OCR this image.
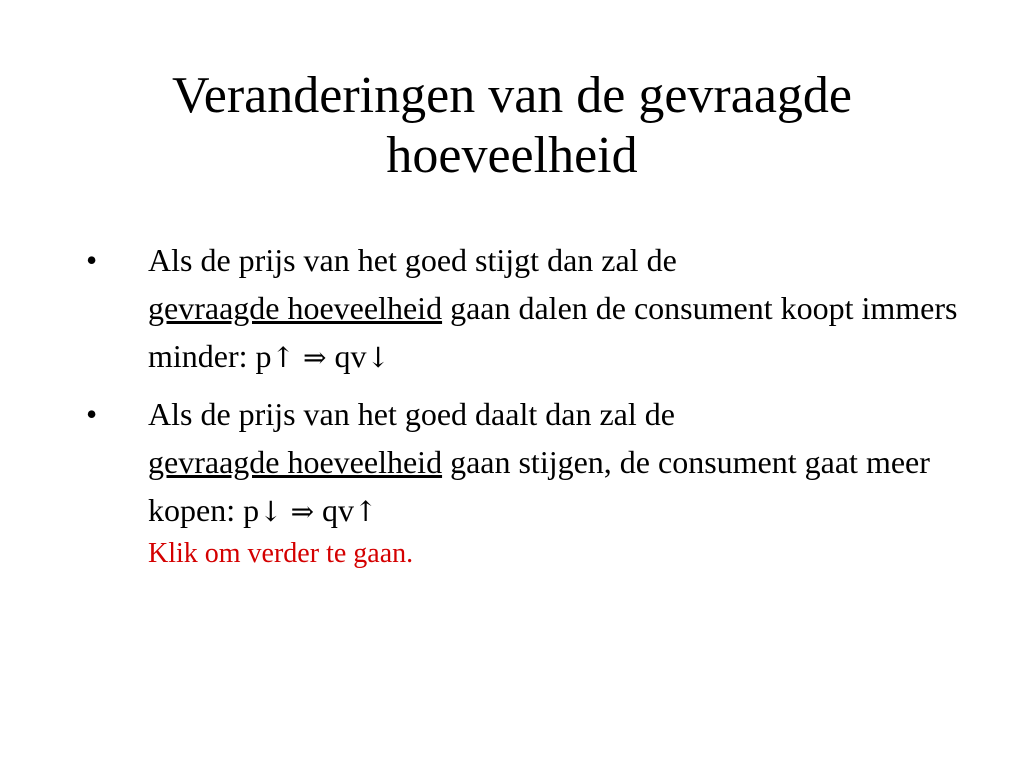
Veranderingen van de gevraagde
hoeveelheid
• Als de prijs van het goed stijgt dan zal de
gevraagde hoeveelheid gaan dalen de consument koopt immers minder: p↑ ⇒ qv↓
• Als de prijs van het goed daalt dan zal de
gevraagde hoeveelheid gaan stijgen, de consument gaat meer kopen: p↓ ⇒ qv↑
Klik om verder te gaan.
